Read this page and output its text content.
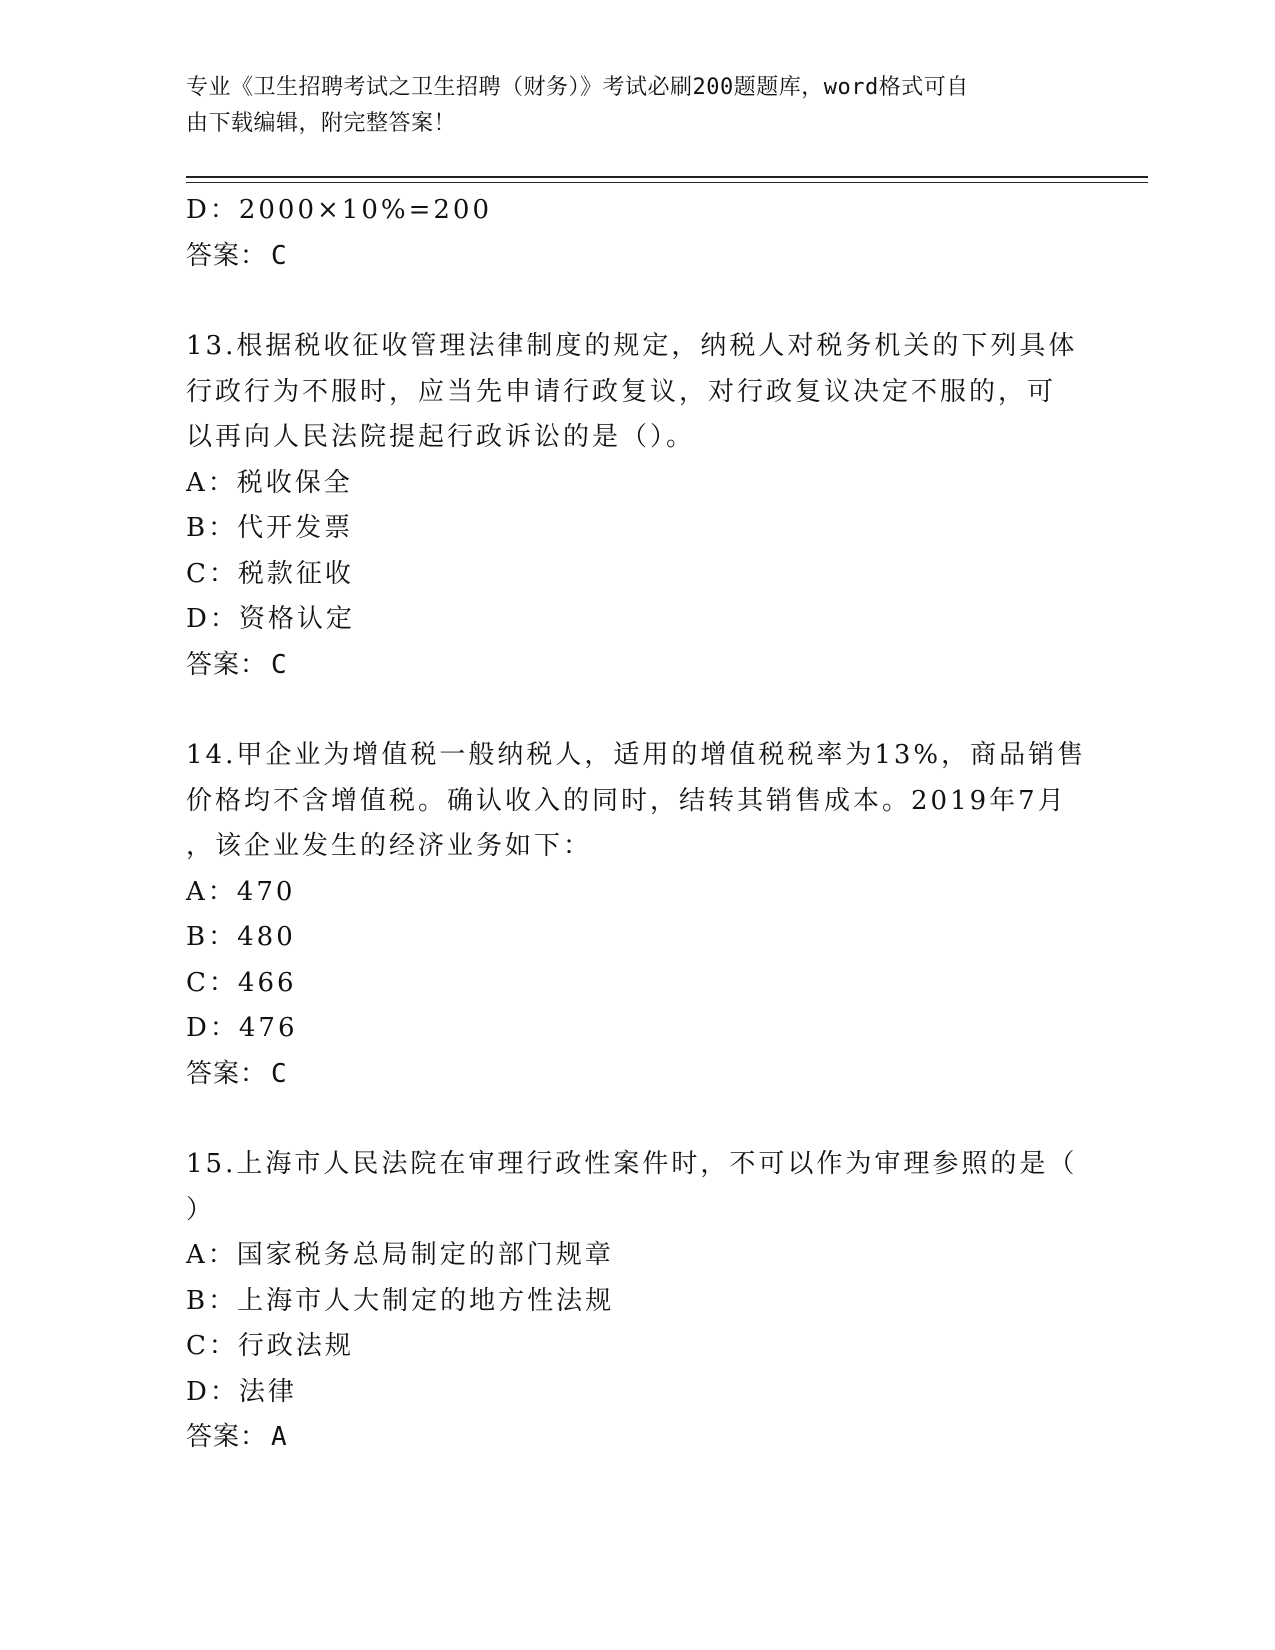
专业《卫生招聘考试之卫生招聘（财务）》考试必刷200题题库，word格式可自
由下载编辑，附完整答案！
D：2000×10%=200
答案： C
13.根据税收征收管理法律制度的规定，纳税人对税务机关的下列具体
行政行为不服时，应当先申请行政复议，对行政复议决定不服的，可
以再向人民法院提起行政诉讼的是（）。
A：税收保全
B：代开发票
C：税款征收
D：资格认定
答案： C
14.甲企业为增值税一般纳税人，适用的增值税税率为13%，商品销售
价格均不含增值税。确认收入的同时，结转其销售成本。2019年7月
，该企业发生的经济业务如下：
A：470
B：480
C：466
D：476
答案： C
15.上海市人民法院在审理行政性案件时，不可以作为审理参照的是（
）
A：国家税务总局制定的部门规章
B：上海市人大制定的地方性法规
C：行政法规
D：法律
答案： A
